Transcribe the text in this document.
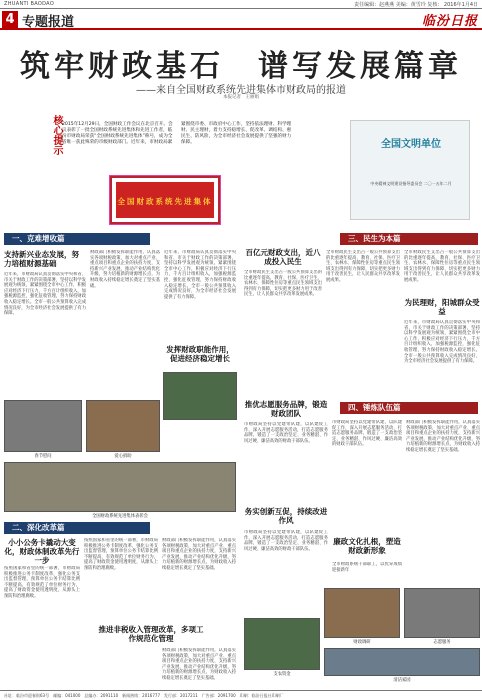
ZHUANTI BAODAO	责任编辑：赵燕燕 美编：黄雪玲 复核： 2016年1月4日
4 专题报道	临汾日报
筑牢财政基石　谱写发展篇章
——来自全国财政系统先进集体市财政局的报道
本报记者　王丽娟
核心提示 2015年12月29日，全国财政工作会议在北京召开。会议表彰了一批全国财政系统先进集体和先进工作者，临汾市财政局荣获“全国财政系统先进集体”称号，成为全省唯一获此殊荣的市级财政部门。近年来，市财政局紧紧围绕市委、市政府中心工作，坚持依法理财、科学理财、民主理财，着力支持稳增长、促改革、调结构、惠民生、防风险，为全市经济社会发展提供了坚强的财力保障。
全国财政系统先进集体
全国文明单位
中央精神文明建设指导委员会 二〇一五年二月
一、克难增收篇
支持新兴业态发展，努力培植财源基础
近年来，市财政局认真贯彻落实中央和省、市关于财政工作的决策部署，坚持以科学发展观为统领，紧紧围绕全市中心工作，积极应对经济下行压力，千方百计组织收入，加强税源监控，强化征收管理，努力保持财政收入稳定增长。全市一般公共预算收入完成情况良好，为全市经济社会发展提供了有力保障。
财政部门积极发挥职能作用，认真落实各项财税政策，加大对重点产业、重点项目和重点企业的扶持力度，支持新兴产业发展，推动产业结构优化升级，努力培植新的财源增长点，为财政收入持续稳定增长奠定了坚实基础。
近年来，市财政局认真贯彻落实中央和省、市关于财政工作的决策部署，坚持以科学发展观为统领，紧紧围绕全市中心工作，积极应对经济下行压力，千方百计组织收入，加强税源监控，强化征收管理，努力保持财政收入稳定增长。全市一般公共预算收入完成情况良好，为全市经济社会发展提供了有力保障。
发挥财政职能作用，促进经济稳定增长
春节慰问	爱心捐助
全国财政系统先进集体表彰会
二、深化改革篇
小小公务卡撬动大变化，财政体制改革先行一步
按照国家和省里的统一部署，市财政局积极推进公务卡制度改革，强化公务支出监督管理，预算单位公务卡结算比例不断提高，有效规范了单位财务行为，提高了财政资金使用透明度，从源头上预防和治理腐败。
按照国家和省里的统一部署，市财政局积极推进公务卡制度改革，强化公务支出监督管理，预算单位公务卡结算比例不断提高，有效规范了单位财务行为，提高了财政资金使用透明度，从源头上预防和治理腐败。
财政部门积极发挥职能作用，认真落实各项财税政策，加大对重点产业、重点项目和重点企业的扶持力度，支持新兴产业发展，推动产业结构优化升级，努力培植新的财源增长点，为财政收入持续稳定增长奠定了坚实基础。
推进非税收入管理改革，多项工作规范化管理
财政部门积极发挥职能作用，认真落实各项财税政策，加大对重点产业、重点项目和重点企业的扶持力度，支持新兴产业发展，推动产业结构优化升级，努力培植新的财源增长点，为财政收入持续稳定增长奠定了坚实基础。
三、民生为本篇
百亿元财政支出，近八成投入民生
全市财政民生支出占一般公共预算支出的比重逐年提高，教育、社保、医疗卫生、农林水、保障性住房等重点民生领域支出得到有力保障，切实把更多财力用于改善民生，让人民群众共享改革发展成果。
全市财政民生支出占一般公共预算支出的比重逐年提高，教育、社保、医疗卫生、农林水、保障性住房等重点民生领域支出得到有力保障，切实把更多财力用于改善民生，让人民群众共享改革发展成果。
为民理财，阳城群众受益
全市财政民生支出占一般公共预算支出的比重逐年提高，教育、社保、医疗卫生、农林水、保障性住房等重点民生领域支出得到有力保障，切实把更多财力用于改善民生，让人民群众共享改革发展成果。
近年来，市财政局认真贯彻落实中央和省、市关于财政工作的决策部署，坚持以科学发展观为统领，紧紧围绕全市中心工作，积极应对经济下行压力，千方百计组织收入，加强税源监控，强化征收管理，努力保持财政收入稳定增长。全市一般公共预算收入完成情况良好，为全市经济社会发展提供了有力保障。
四、锤炼队伍篇
推优志愿服务品牌，锻造财政团队
市财政局坚持以党建带队建，以队建促工作，深入开展志愿服务活动，打造志愿服务品牌，锻造了一支政治坚定、业务精湛、作风过硬、廉洁高效的财政干部队伍。
务实创新互促，持续改进作风
市财政局坚持以党建带队建，以队建促工作，深入开展志愿服务活动，打造志愿服务品牌，锻造了一支政治坚定、业务精湛、作风过硬、廉洁高效的财政干部队伍。
市财政局坚持以党建带队建，以队建促工作，深入开展志愿服务活动，打造志愿服务品牌，锻造了一支政治坚定、业务精湛、作风过硬、廉洁高效的财政干部队伍。
财政部门积极发挥职能作用，认真落实各项财税政策，加大对重点产业、重点项目和重点企业的扶持力度，支持新兴产业发展，推动产业结构优化升级，努力培植新的财源增长点，为财政收入持续稳定增长奠定了坚实基础。
廉政文化扎根，塑造财政新形象
全市财政系统干部职工，以优异成绩迎接新年
支农资金
财政调研	志愿服务
清洁家园
社址：临汾市迎春街63号　邮编：041000　总编办：2091110　新闻热线：2016777　发行部：2017211　广告部：2091700　印刷：临汾日报社印刷厂
